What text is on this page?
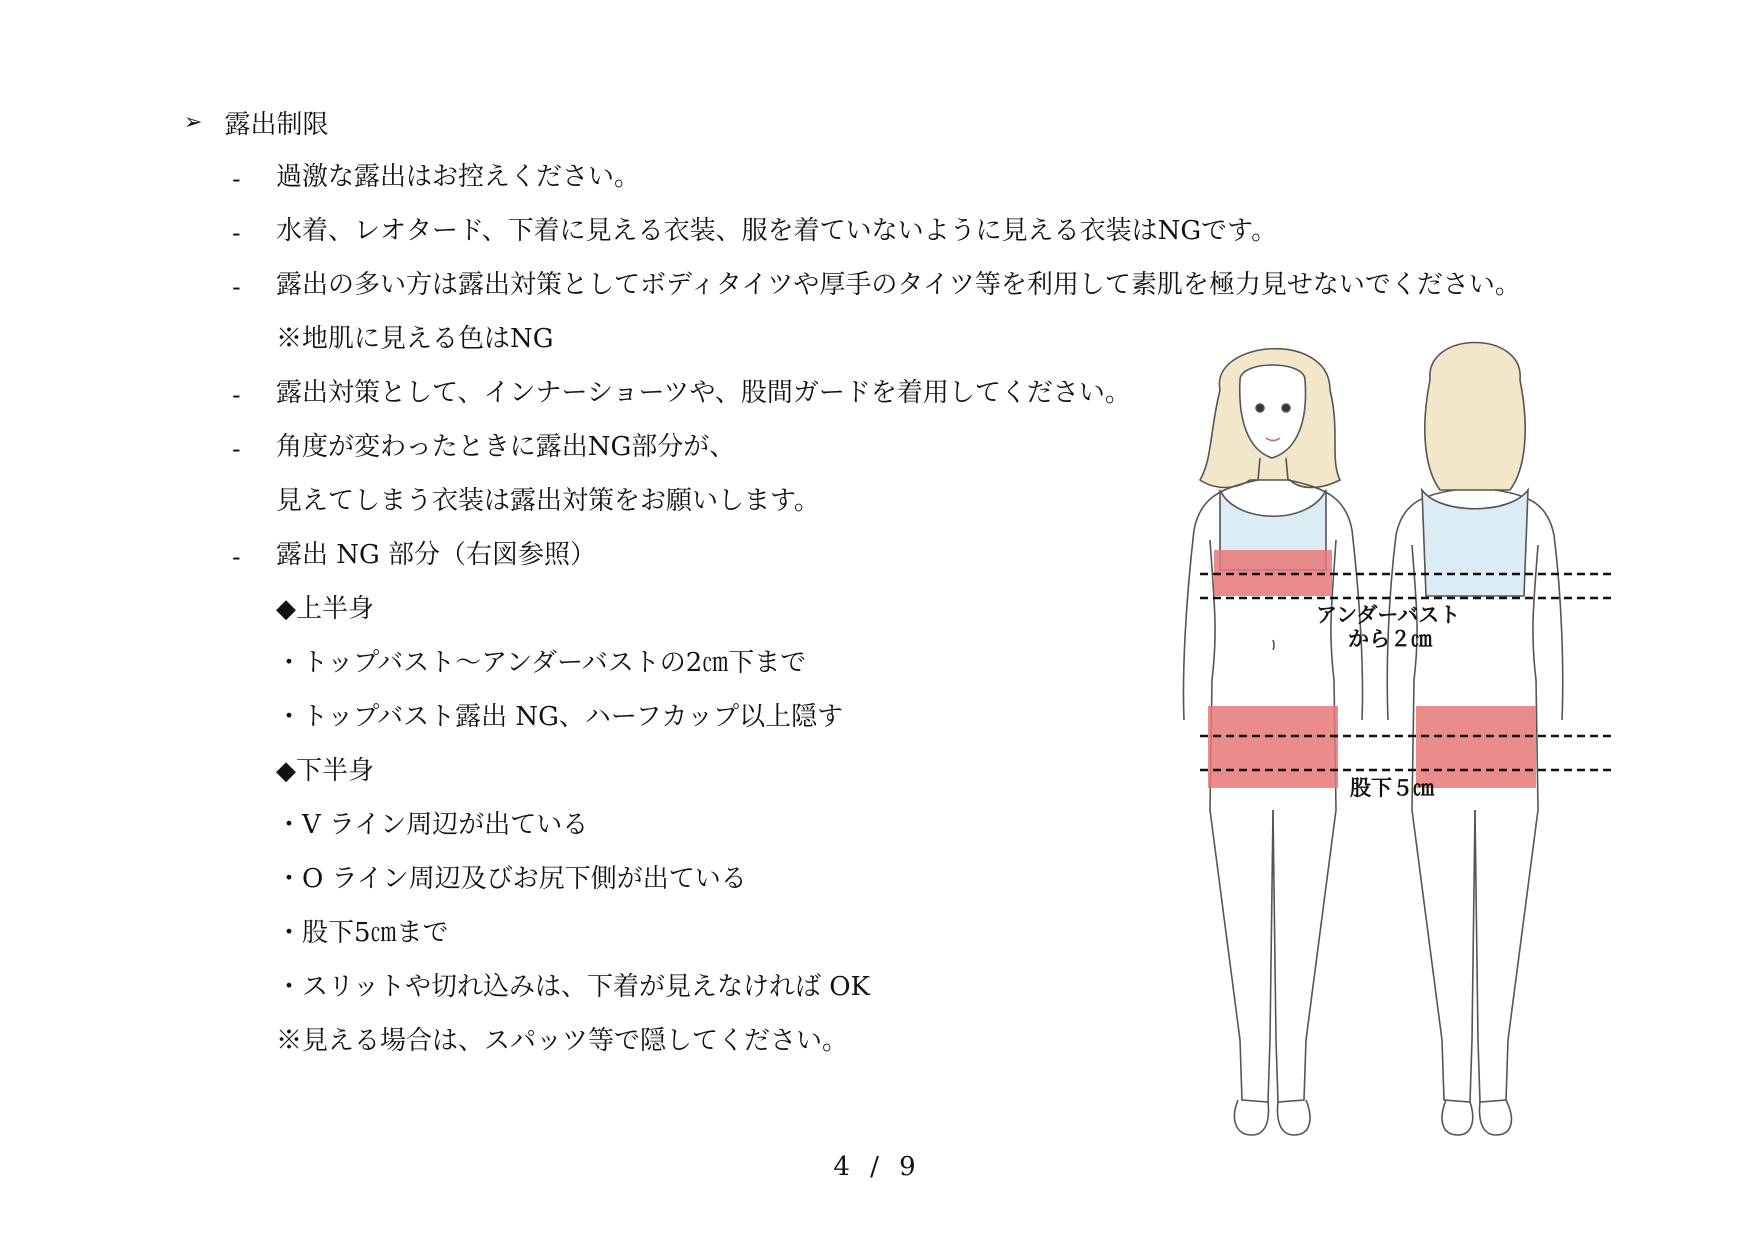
➢ 露出制限
- 過激な露出はお控えください。
- 水着、レオタード、下着に見える衣装、服を着ていないように見える衣装はNGです。
- 露出の多い方は露出対策としてボディタイツや厚手のタイツ等を利用して素肌を極力見せないでください。
※地肌に見える色はNG
- 露出対策として、インナーショーツや、股間ガードを着用してください。
- 角度が変わったときに露出NG部分が、
見えてしまう衣装は露出対策をお願いします。
- 露出 NG 部分（右図参照）
◆上半身
・トップバスト～アンダーバストの2㎝下まで
・トップバスト露出 NG、ハーフカップ以上隠す
◆下半身
・V ライン周辺が出ている
・O ライン周辺及びお尻下側が出ている
・股下5㎝まで
・スリットや切れ込みは、下着が見えなければ OK
※見える場合は、スパッツ等で隠してください。
アンダーバスト
から２㎝
股下５㎝
4 / 9
